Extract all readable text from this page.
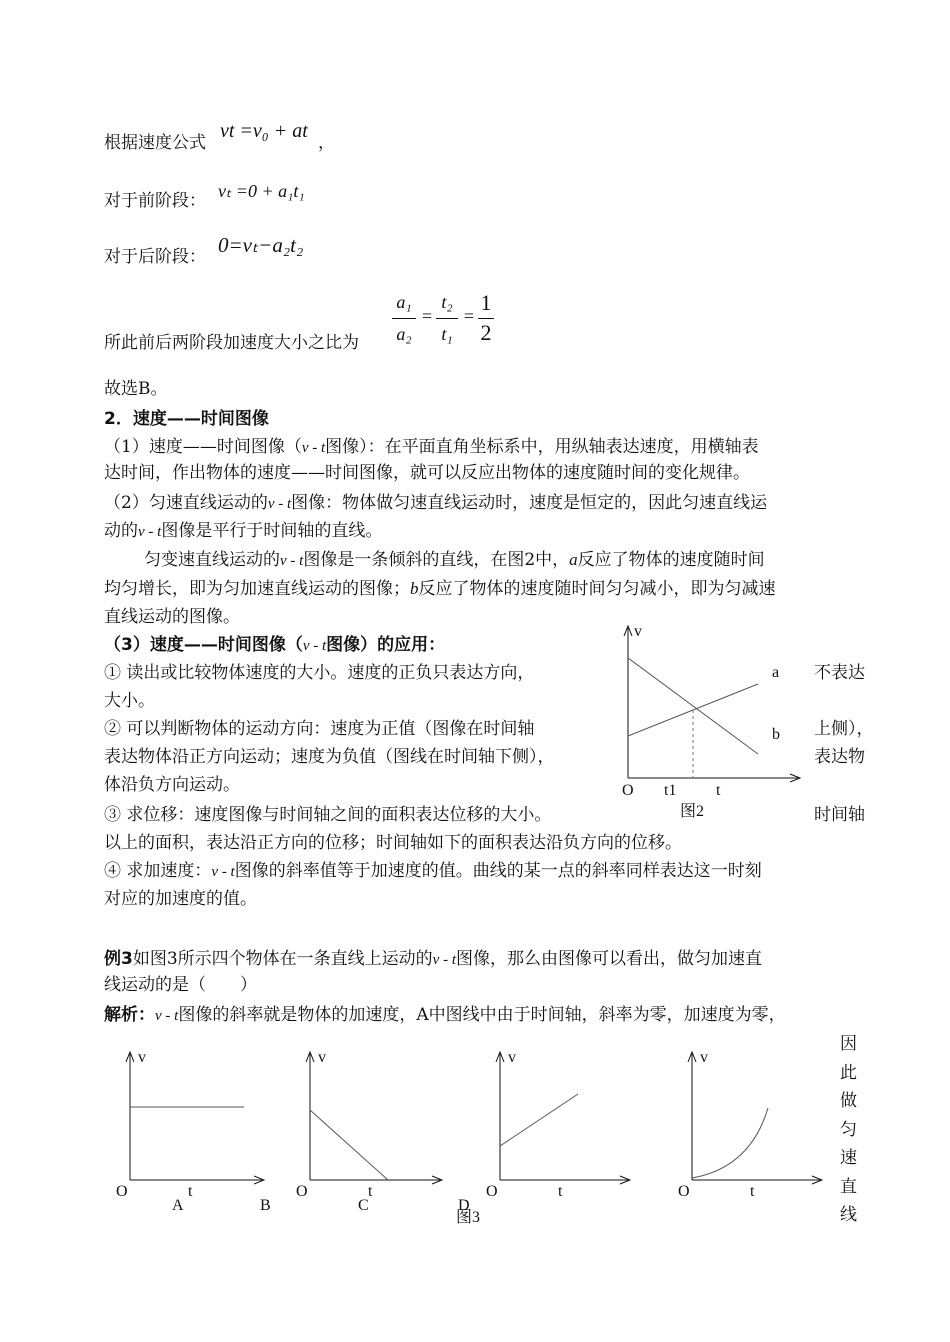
根据速度公式
vt =v₀ + at
，
对于前阶段： vₜ =0 + a₁t₁
对于后阶段： 0=vₜ−a₂t₂
所此前后两阶段加速度大小之比为
a₁
a₂
=
t₂
t₁
=
1
2
故选B。
2．速度——时间图像
（1）速度——时间图像（v - t图像）：在平面直角坐标系中，用纵轴表达速度，用横轴表
达时间，作出物体的速度——时间图像，就可以反应出物体的速度随时间的变化规律。
（2）匀速直线运动的v - t图像：物体做匀速直线运动时，速度是恒定的，因此匀速直线运
动的v - t图像是平行于时间轴的直线。
匀变速直线运动的v - t图像是一条倾斜的直线，在图2中，a反应了物体的速度随时间
均匀增长，即为匀加速直线运动的图像；b反应了物体的速度随时间匀匀减小，即为匀减速
直线运动的图像。
（3）速度——时间图像（v - t图像）的应用：
① 读出或比较物体速度的大小。速度的正负只表达方向，	不表达
大小。
② 可以判断物体的运动方向：速度为正值（图像在时间轴	上侧），
表达物体沿正方向运动；速度为负值（图线在时间轴下侧），	表达物
体沿负方向运动。
③ 求位移：速度图像与时间轴之间的面积表达位移的大小。	时间轴
以上的面积，表达沿正方向的位移；时间轴如下的面积表达沿负方向的位移。
④ 求加速度：v - t图像的斜率值等于加速度的值。曲线的某一点的斜率同样表达这一时刻
对应的加速度的值。
v
a
b
O t1 t
图2
例3如图3所示四个物体在一条直线上运动的v - t图像，那么由图像可以看出，做匀加速直
线运动的是（　　）
解析：v - t图像的斜率就是物体的加速度，A中图线中由于时间轴，斜率为零，加速度为零，
因
此
做
匀
速
直
线
v
O	t
A	B
v
O	t
C	D
v
O	t
v
O	t
图3
